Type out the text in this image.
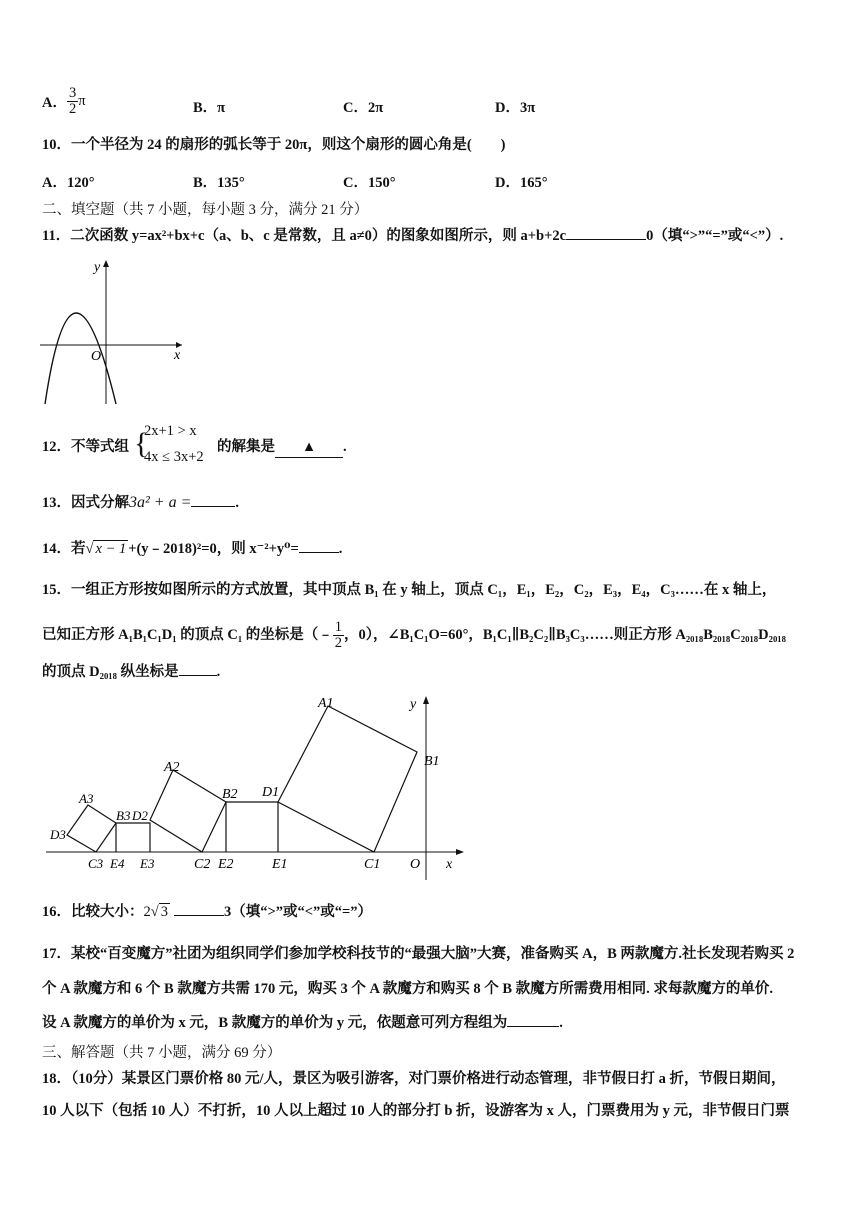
A． $\frac{3}{2}$ π	B．π	C．2π	D．3π
10．一个半径为 24 的扇形的弧长等于 20π，则这个扇形的圆心角是(　　)
A．120°	B．135°	C．150°	D．165°
二、填空题（共 7 小题，每小题 3 分，满分 21 分）
11．二次函数 y=ax²+bx+c（a、b、c 是常数，且 a≠0）的图象如图所示，则 a+b+2c	0（填“>”“=”或“<”）.
y
x
O
12．不等式组 {
2x+1 > x
4x ≤ 3x+2
的解集是 ▲ .
13．因式分解3a² + a =	.
14．若√ x − 1 +(y﹣2018)²=0，则 x⁻²+y⁰=	.
15．一组正方形按如图所示的方式放置，其中顶点 B₁ 在 y 轴上，顶点 C₁，E₁，E₂，C₂，E₃，E₄，C₃……在 x 轴上，
已知正方形 A₁B₁C₁D₁ 的顶点 C₁ 的坐标是（﹣ $\frac{1}{2}$ ，0），∠B₁C₁O=60°，B₁C₁∥B₂C₂∥B₃C₃……则正方形 A₂₀₁₈B₂₀₁₈C₂₀₁₈D₂₀₁₈
的顶点 D₂₀₁₈ 纵坐标是	.
A1
B1
D1
C1
E1
A2
B2
C2 E2
A3
B3 D2
D3
C3 E4 E3	O x
y
16．比较大小：2√ 3	3（填“>”或“<”或“=”）
17．某校“百变魔方”社团为组织同学们参加学校科技节的“最强大脑”大赛，准备购买 A，B 两款魔方.社长发现若购买 2
个 A 款魔方和 6 个 B 款魔方共需 170 元，购买 3 个 A 款魔方和购买 8 个 B 款魔方所需费用相同. 求每款魔方的单价.
设 A 款魔方的单价为 x 元，B 款魔方的单价为 y 元，依题意可列方程组为	.
三、解答题（共 7 小题，满分 69 分）
18．（10分）某景区门票价格 80 元/人，景区为吸引游客，对门票价格进行动态管理，非节假日打 a 折，节假日期间，
10 人以下（包括 10 人）不打折，10 人以上超过 10 人的部分打 b 折，设游客为 x 人，门票费用为 y 元，非节假日门票
